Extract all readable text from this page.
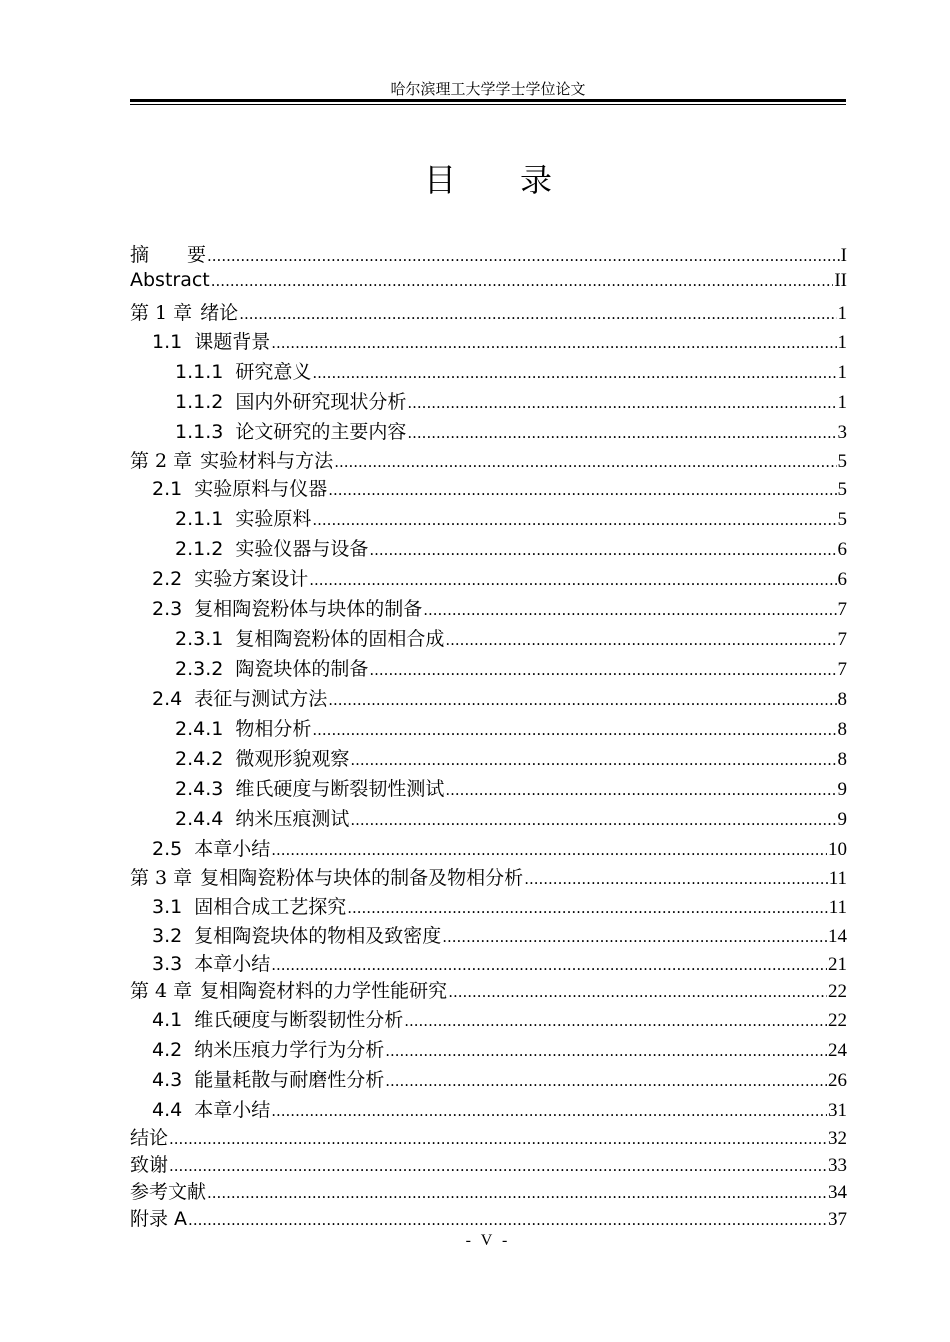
哈尔滨理工大学学士学位论文
目 录
摘　　要 .....	I
Abstract .....	II
第 1 章 绪论 .....	1
1.1 课题背景 .....	1
1.1.1 研究意义 .....	1
1.1.2 国内外研究现状分析 .....	1
1.1.3 论文研究的主要内容 .....	3
第 2 章 实验材料与方法 .....	5
2.1 实验原料与仪器 .....	5
2.1.1 实验原料 .....	5
2.1.2 实验仪器与设备 .....	6
2.2 实验方案设计 .....	6
2.3 复相陶瓷粉体与块体的制备 .....	7
2.3.1 复相陶瓷粉体的固相合成 .....	7
2.3.2 陶瓷块体的制备 .....	7
2.4 表征与测试方法 .....	8
2.4.1 物相分析 .....	8
2.4.2 微观形貌观察 .....	8
2.4.3 维氏硬度与断裂韧性测试 .....	9
2.4.4 纳米压痕测试 .....	9
2.5 本章小结 .....	10
第 3 章 复相陶瓷粉体与块体的制备及物相分析 .....	11
3.1 固相合成工艺探究 .....	11
3.2 复相陶瓷块体的物相及致密度 .....	14
3.3 本章小结 .....	21
第 4 章 复相陶瓷材料的力学性能研究 .....	22
4.1 维氏硬度与断裂韧性分析 .....	22
4.2 纳米压痕力学行为分析 .....	24
4.3 能量耗散与耐磨性分析 .....	26
4.4 本章小结 .....	31
结论 .....	32
致谢 .....	33
参考文献 .....	34
附录 A .....	37
- V -
